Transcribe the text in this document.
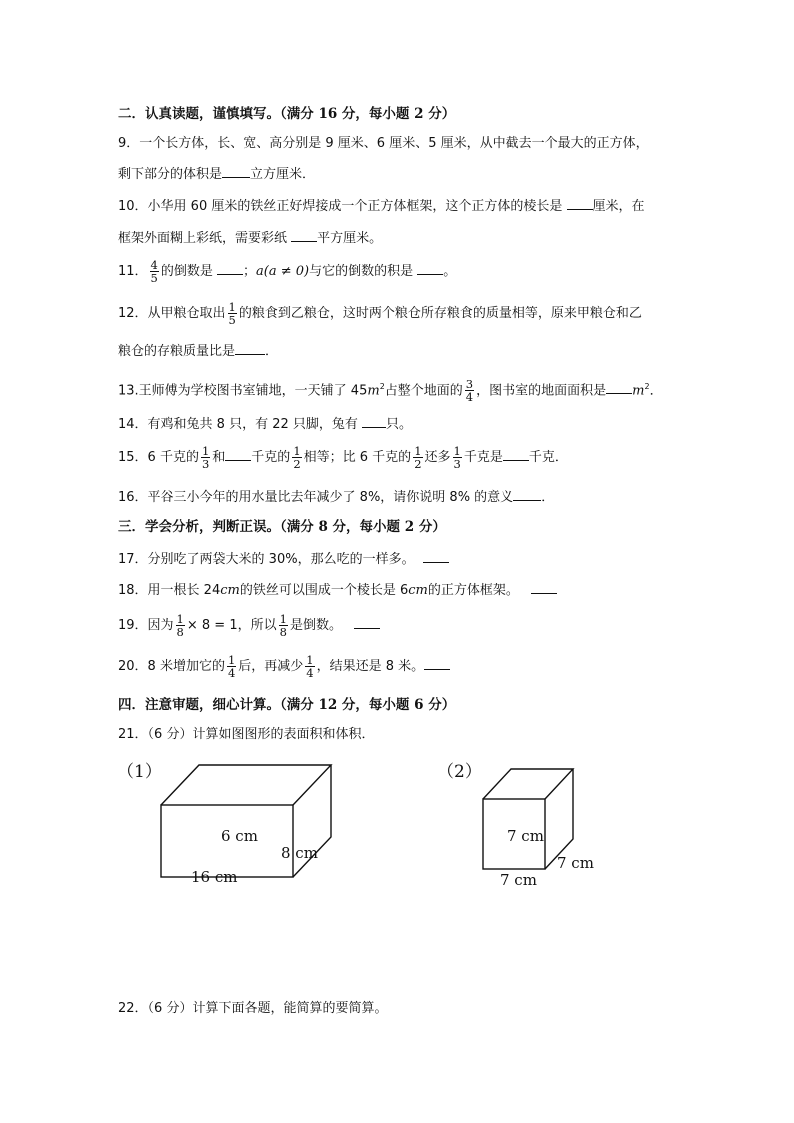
二．认真读题，谨慎填写。（满分 16 分，每小题 2 分）
9．一个长方体，长、宽、高分别是 9 厘米、6 厘米、5 厘米，从中截去一个最大的正方体，
剩下部分的体积是 立方厘米．
10．小华用 60 厘米的铁丝正好焊接成一个正方体框架，这个正方体的棱长是 厘米，在
框架外面糊上彩纸，需要彩纸 平方厘米。
11． $\frac{4}{5}$ 的倒数是 ；a(a ≠ 0)与它的倒数的积是 。
12．从甲粮仓取出 $\frac{1}{5}$ 的粮食到乙粮仓，这时两个粮仓所存粮食的质量相等，原来甲粮仓和乙
粮仓的存粮质量比是 ．
13.王师傅为学校图书室铺地，一天铺了 $45m^2$占整个地面的 $\frac{3}{4}$ ，图书室的地面面积是 $m^2$．
14．有鸡和兔共 8 只，有 22 只脚，兔有 只。
15．6 千克的 $\frac{1}{3}$ 和 千克的 $\frac{1}{2}$ 相等；比 6 千克的 $\frac{1}{2}$ 还多 $\frac{1}{3}$ 千克是 千克．
16．平谷三小今年的用水量比去年减少了 8%，请你说明 8% 的意义 ．
三．学会分析，判断正误。（满分 8 分，每小题 2 分）
17．分别吃了两袋大米的 30%，那么吃的一样多。
18．用一根长 24cm的铁丝可以围成一个棱长是 6cm的正方体框架。
19．因为 $\frac{1}{8} \times 8 = 1$，所以 $\frac{1}{8}$ 是倒数。
20．8 米增加它的 $\frac{1}{4}$ 后，再减少 $\frac{1}{4}$ ，结果还是 8 米。
四．注意审题，细心计算。（满分 12 分，每小题 6 分）
21．（6 分）计算如图图形的表面积和体积．
（1）
6 cm
8 cm
16 cm
（2）
7 cm
7 cm
7 cm
22．（6 分）计算下面各题，能简算的要简算。
